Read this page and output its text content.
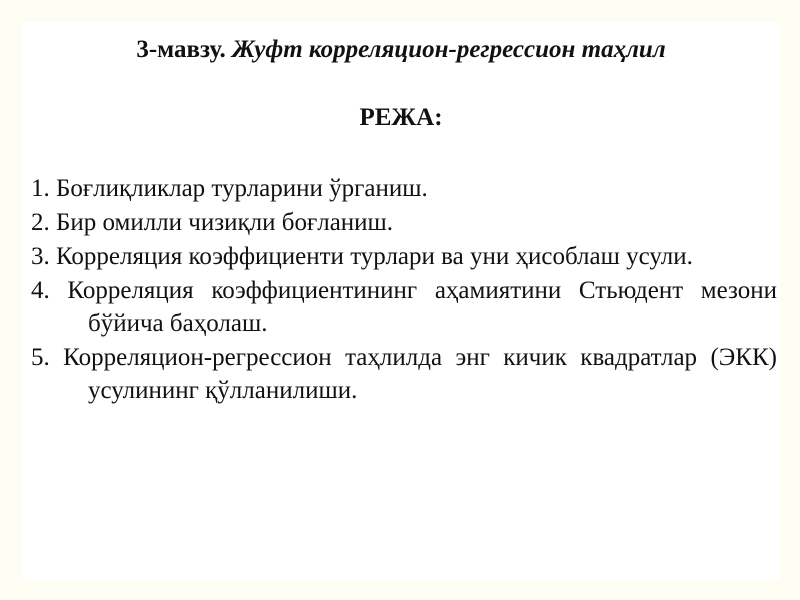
3-мавзу. Жуфт корреляцион-регрессион таҳлил
РЕЖА:
1. Боғлиқликлар турларини ўрганиш.
2. Бир омилли чизиқли боғланиш.
3. Корреляция коэффициенти турлари ва уни ҳисоблаш усули.
4. Корреляция коэффициентининг аҳамиятини Стьюдент мезони бўйича баҳолаш.
5. Корреляцион-регрессион таҳлилда энг кичик квадратлар (ЭКК) усулининг қўлланилиши.
